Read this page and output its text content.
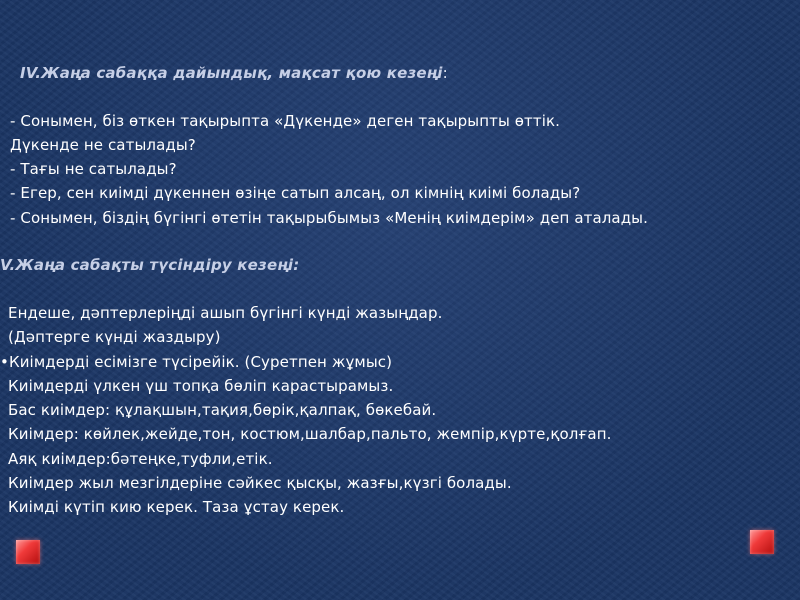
IV.Жаңа сабаққа дайындық, мақсат қою кезеңі:
- Сонымен, біз өткен тақырыпта «Дүкенде» деген тақырыпты өттік.
Дүкенде не сатылады?
- Тағы не сатылады?
- Егер, сен киімді дүкеннен өзіңе сатып алсаң, ол кімнің киімі болады?
- Сонымен, біздің бүгінгі өтетін тақырыбымыз «Менің киімдерім» деп аталады.
V.Жаңа сабақты түсіндіру кезеңі:
Ендеше, дәптерлеріңді ашып бүгінгі күнді жазыңдар.
(Дәптерге күнді жаздыру)
•Киімдерді есімізге түсірейік. (Суретпен жұмыс)
Киімдерді үлкен үш топқа бөліп карастырамыз.
Бас киімдер: құлақшын,тақия,бөрік,қалпақ, бөкебай.
Киімдер: көйлек,жейде,тон, костюм,шалбар,пальто, жемпір,күрте,қолғап.
Аяқ киімдер:бәтеңке,туфли,етік.
Киімдер жыл мезгілдеріне сәйкес қысқы, жазғы,күзгі болады.
Киімді күтіп кию керек. Таза ұстау керек.
